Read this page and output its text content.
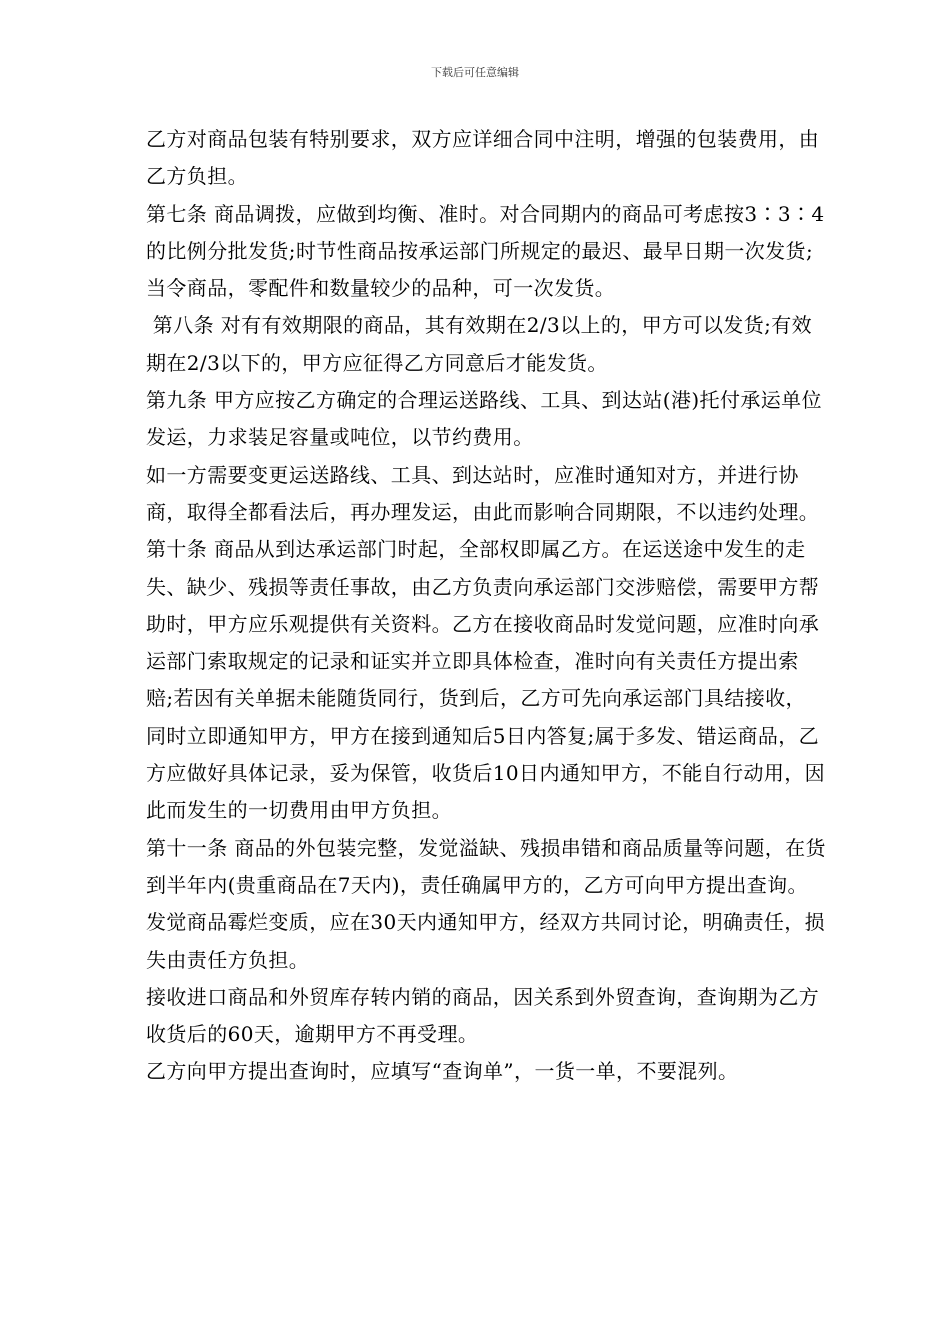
下载后可任意编辑

乙方对商品包装有特别要求，双方应详细合同中注明，增强的包装费用，由乙方负担。

第七条 商品调拨，应做到均衡、准时。对合同期内的商品可考虑按3∶3∶4的比例分批发货;时节性商品按承运部门所规定的最迟、最早日期一次发货;当令商品，零配件和数量较少的品种，可一次发货。

第八条 对有有效期限的商品，其有效期在2/3以上的，甲方可以发货;有效期在2/3以下的，甲方应征得乙方同意后才能发货。

第九条 甲方应按乙方确定的合理运送路线、工具、到达站(港)托付承运单位发运，力求装足容量或吨位，以节约费用。

如一方需要变更运送路线、工具、到达站时，应准时通知对方，并进行协商，取得全都看法后，再办理发运，由此而影响合同期限，不以违约处理。

第十条 商品从到达承运部门时起，全部权即属乙方。在运送途中发生的走失、缺少、残损等责任事故，由乙方负责向承运部门交涉赔偿，需要甲方帮助时，甲方应乐观提供有关资料。乙方在接收商品时发觉问题，应准时向承运部门索取规定的记录和证实并立即具体检查，准时向有关责任方提出索赔;若因有关单据未能随货同行，货到后，乙方可先向承运部门具结接收，同时立即通知甲方，甲方在接到通知后5日内答复;属于多发、错运商品，乙方应做好具体记录，妥为保管，收货后10日内通知甲方，不能自行动用，因此而发生的一切费用由甲方负担。

第十一条 商品的外包装完整，发觉溢缺、残损串错和商品质量等问题，在货到半年内(贵重商品在7天内)，责任确属甲方的，乙方可向甲方提出查询。

发觉商品霉烂变质，应在30天内通知甲方，经双方共同讨论，明确责任，损失由责任方负担。

接收进口商品和外贸库存转内销的商品，因关系到外贸查询，查询期为乙方收货后的60天，逾期甲方不再受理。

乙方向甲方提出查询时，应填写“查询单”，一货一单，不要混列。
